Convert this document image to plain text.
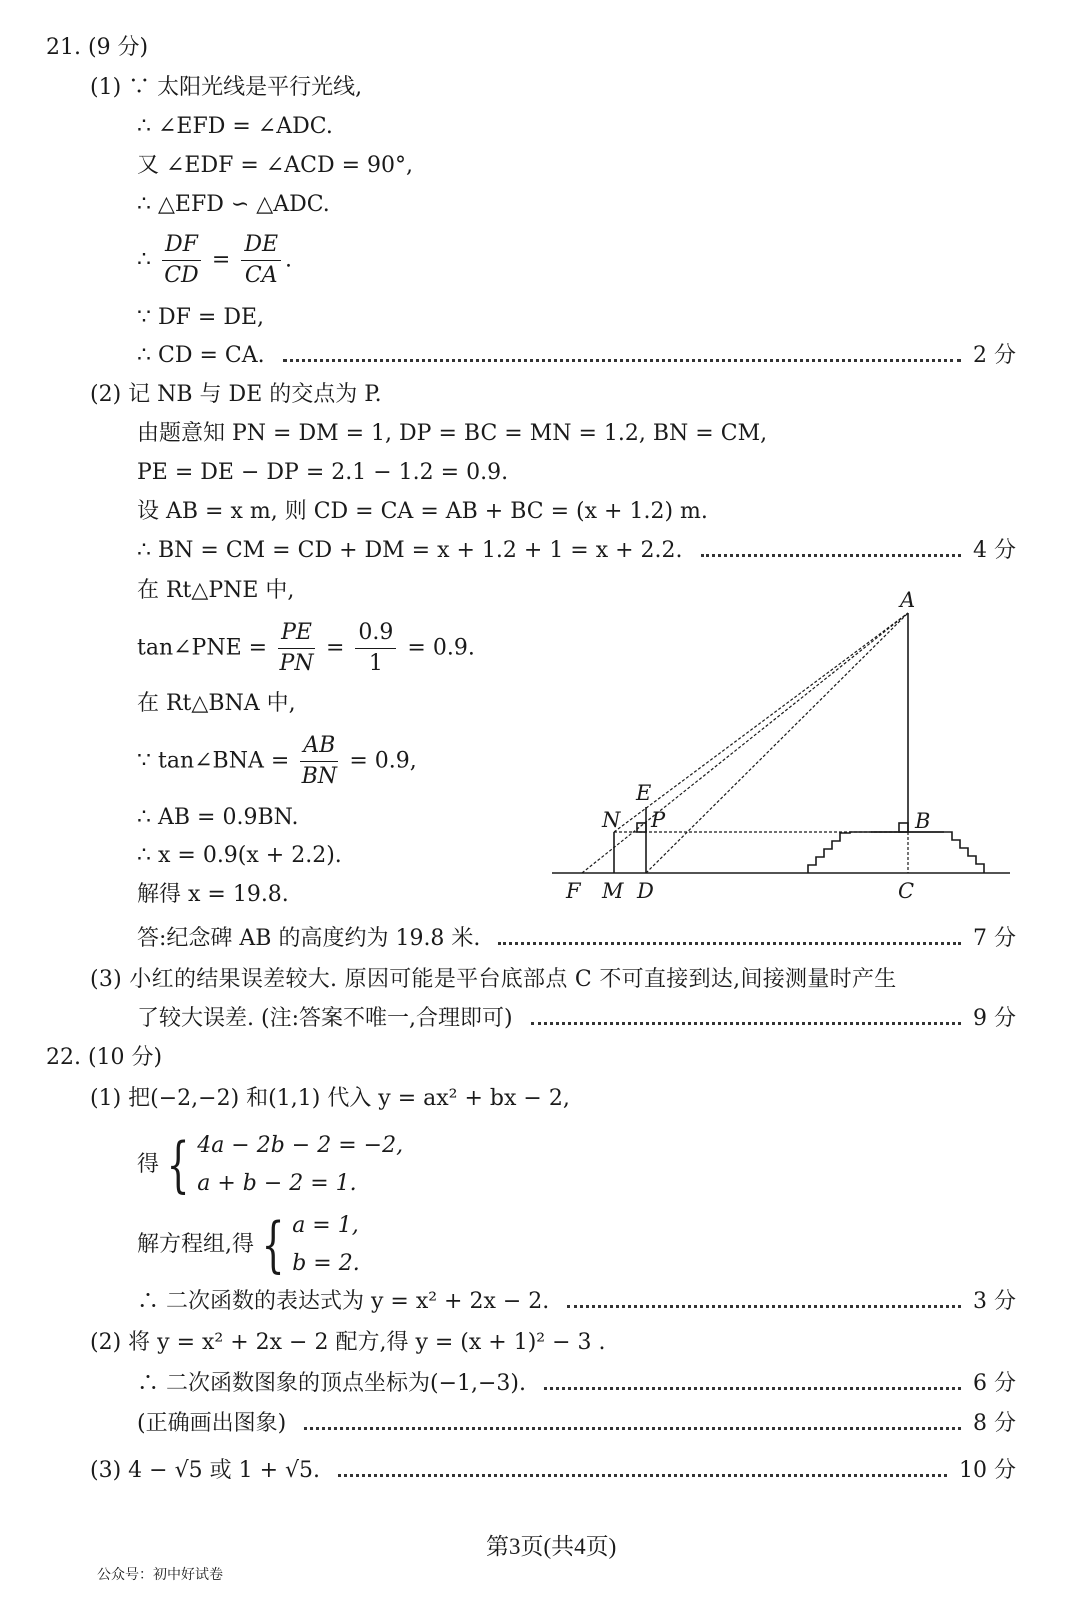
21. (9 分)
(1) ∵ 太阳光线是平行光线,
∴ ∠EFD = ∠ADC.
又 ∠EDF = ∠ACD = 90°,
∴ △EFD ∽ △ADC.
∴ $\frac{DF}{CD} = \frac{DE}{CA}$ .
∵ DF = DE,
∴ CD = CA.	2 分
(2) 记 NB 与 DE 的交点为 P.
由题意知 PN = DM = 1, DP = BC = MN = 1.2, BN = CM,
PE = DE − DP = 2.1 − 1.2 = 0.9.
设 AB = x m, 则 CD = CA = AB + BC = (x + 1.2) m.
∴ BN = CM = CD + DM = x + 1.2 + 1 = x + 2.2.	4 分
在 Rt△PNE 中,
tan∠PNE = $\frac{PE}{PN} = \frac{0.9}{1} = 0.9$.
在 Rt△BNA 中,
∵ tan∠BNA = $\frac{AB}{BN} = 0.9$,
∴ AB = 0.9BN.
∴ x = 0.9(x + 2.2).
解得 x = 19.8.
答:纪念碑 AB 的高度约为 19.8 米.	7 分
(3) 小红的结果误差较大. 原因可能是平台底部点 C 不可直接到达,间接测量时产生
了较大误差. (注:答案不唯一,合理即可)	9 分
A
B
C
D
E
F M
N P
22. (10 分)
(1) 把(−2,−2) 和(1,1) 代入 y = ax² + bx − 2,
得 { 4a − 2b − 2 = −2,
a + b − 2 = 1.
解方程组,得 { a = 1,
b = 2.
∴ 二次函数的表达式为 y = x² + 2x − 2.	3 分
(2) 将 y = x² + 2x − 2 配方,得 y = (x + 1)² − 3 .
∴ 二次函数图象的顶点坐标为(−1,−3).	6 分
(正确画出图象)	8 分
(3) 4 − √5 或 1 + √5.	10 分
第3页(共4页)
公众号：初中好试卷
